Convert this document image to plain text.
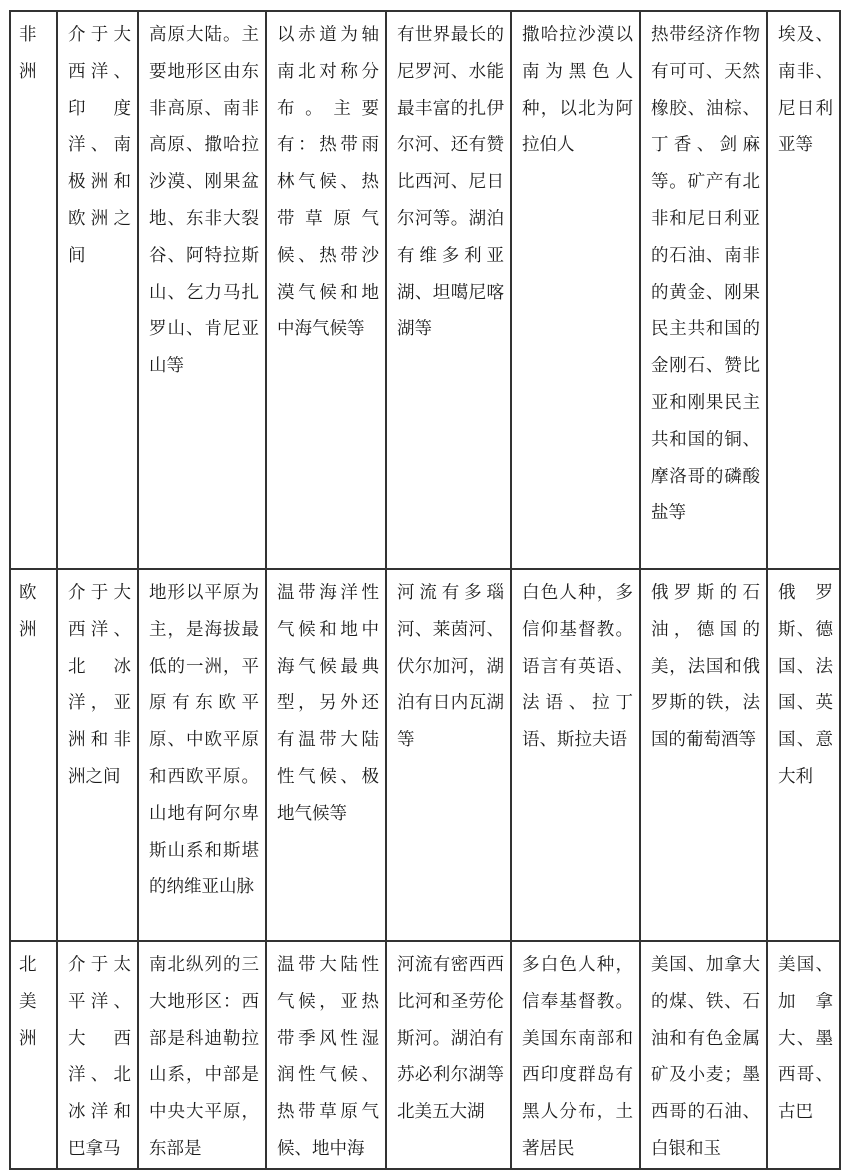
非洲	介于大西洋、印度洋、南极洲和欧洲之间	高原大陆。主要地形区由东非高原、南非高原、撒哈拉沙漠、刚果盆地、东非大裂谷、阿特拉斯山、乞力马扎罗山、肯尼亚山等	以赤道为轴南北对称分布。主要有：热带雨林气候、热带草原气候、热带沙漠气候和地中海气候等	有世界最长的尼罗河、水能最丰富的扎伊尔河、还有赞比西河、尼日尔河等。湖泊有维多利亚湖、坦噶尼喀湖等	撒哈拉沙漠以南为黑色人种，以北为阿拉伯人	热带经济作物有可可、天然橡胶、油棕、丁香、剑麻等。矿产有北非和尼日利亚的石油、南非的黄金、刚果民主共和国的金刚石、赞比亚和刚果民主共和国的铜、摩洛哥的磷酸盐等	埃及、南非、尼日利亚等
欧洲	介于大西洋、北冰洋，亚洲和非洲之间	地形以平原为主，是海拔最低的一洲，平原有东欧平原、中欧平原和西欧平原。山地有阿尔卑斯山系和斯堪的纳维亚山脉	温带海洋性气候和地中海气候最典型，另外还有温带大陆性气候、极地气候等	河流有多瑙河、莱茵河、伏尔加河，湖泊有日内瓦湖等	白色人种，多信仰基督教。语言有英语、法语、拉丁语、斯拉夫语	俄罗斯的石油，德国的美，法国和俄罗斯的铁，法国的葡萄酒等	俄罗斯、德国、法国、英国、意大利
北美洲	介于太平洋、大西洋、北冰洋和巴拿马	南北纵列的三大地形区：西部是科迪勒拉山系，中部是中央大平原，东部是	温带大陆性气候，亚热带季风性湿润性气候、热带草原气候、地中海	河流有密西西比河和圣劳伦斯河。湖泊有苏必利尔湖等北美五大湖	多白色人种，信奉基督教。美国东南部和西印度群岛有黑人分布，土著居民	美国、加拿大的煤、铁、石油和有色金属矿及小麦；墨西哥的石油、白银和玉	美国、加拿大、墨西哥、古巴
